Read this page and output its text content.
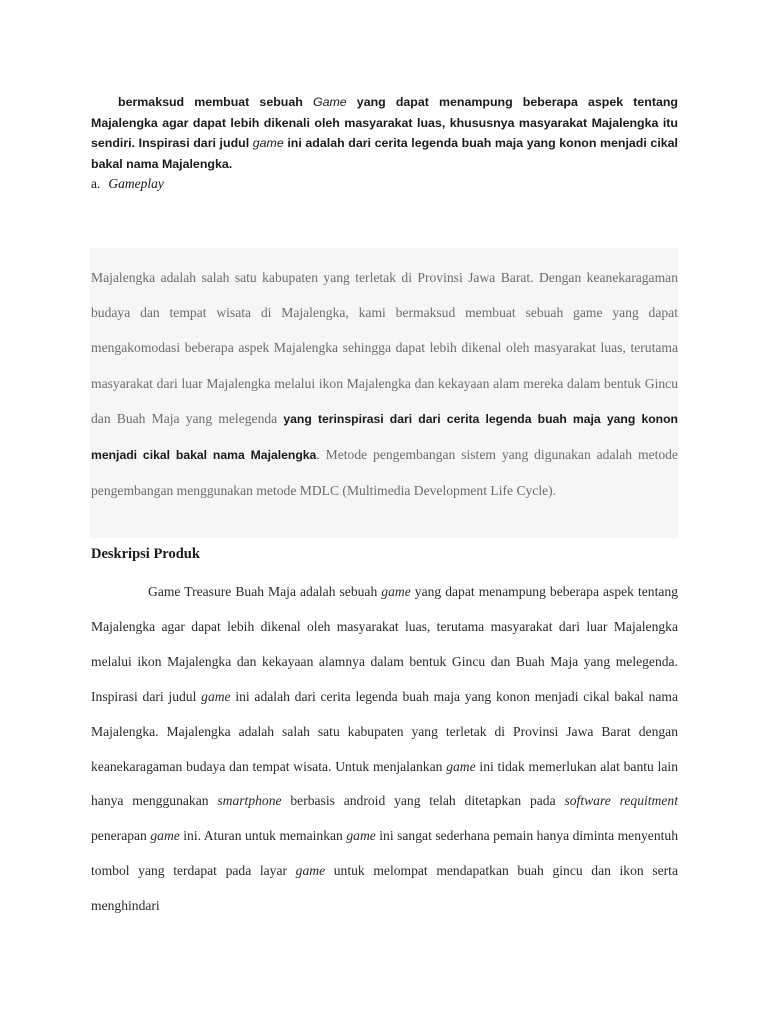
bermaksud membuat sebuah Game yang dapat menampung beberapa aspek tentang Majalengka agar dapat lebih dikenali oleh masyarakat luas, khususnya masyarakat Majalengka itu sendiri. Inspirasi dari judul game ini adalah dari cerita legenda buah maja yang konon menjadi cikal bakal nama Majalengka.

a. Gameplay

Majalengka adalah salah satu kabupaten yang terletak di Provinsi Jawa Barat. Dengan keanekaragaman budaya dan tempat wisata di Majalengka, kami bermaksud membuat sebuah game yang dapat mengakomodasi beberapa aspek Majalengka sehingga dapat lebih dikenal oleh masyarakat luas, terutama masyarakat dari luar Majalengka melalui ikon Majalengka dan kekayaan alam mereka dalam bentuk Gincu dan Buah Maja yang melegenda yang terinspirasi dari dari cerita legenda buah maja yang konon menjadi cikal bakal nama Majalengka. Metode pengembangan sistem yang digunakan adalah metode pengembangan menggunakan metode MDLC (Multimedia Development Life Cycle).

Deskripsi Produk

Game Treasure Buah Maja adalah sebuah game yang dapat menampung beberapa aspek tentang Majalengka agar dapat lebih dikenal oleh masyarakat luas, terutama masyarakat dari luar Majalengka melalui ikon Majalengka dan kekayaan alamnya dalam bentuk Gincu dan Buah Maja yang melegenda. Inspirasi dari judul game ini adalah dari cerita legenda buah maja yang konon menjadi cikal bakal nama Majalengka. Majalengka adalah salah satu kabupaten yang terletak di Provinsi Jawa Barat dengan keanekaragaman budaya dan tempat wisata. Untuk menjalankan game ini tidak memerlukan alat bantu lain hanya menggunakan smartphone berbasis android yang telah ditetapkan pada software requitment penerapan game ini. Aturan untuk memainkan game ini sangat sederhana pemain hanya diminta menyentuh tombol yang terdapat pada layar game untuk melompat mendapatkan buah gincu dan ikon serta menghindari
